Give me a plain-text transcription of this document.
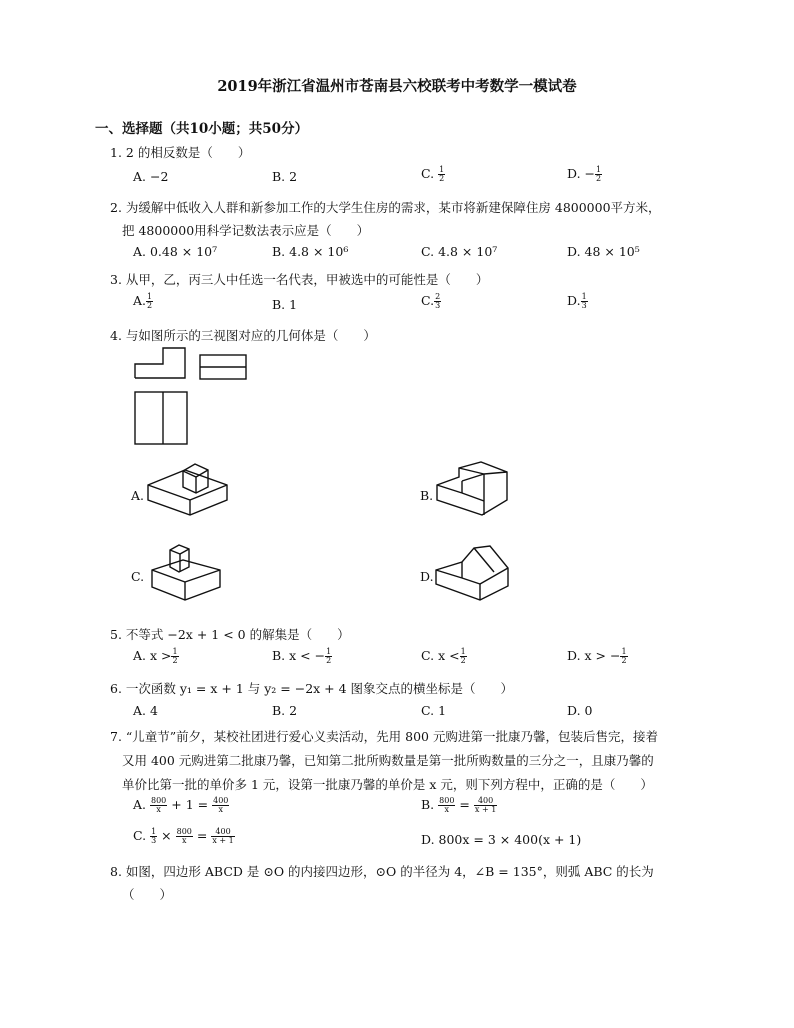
2019年浙江省温州市苍南县六校联考中考数学一模试卷
一、选择题（共10小题；共50分）
1. 2 的相反数是（　　）
A. −2	B. 2	C. $\frac{1}{2}$	D. − $\frac{1}{2}$
2. 为缓解中低收入人群和新参加工作的大学生住房的需求，某市将新建保障住房 4800000平方米，
把 4800000用科学记数法表示应是（　　）
A. 0.48 × 10⁷	B. 4.8 × 10⁶	C. 4.8 × 10⁷	D. 48 × 10⁵
3. 从甲，乙，丙三人中任选一名代表，甲被选中的可能性是（　　）
A. $\frac{1}{2}$	B. 1	C. $\frac{2}{3}$	D. $\frac{1}{3}$
4. 与如图所示的三视图对应的几何体是（　　）
A.	B.
C.	D.
5. 不等式 −2x + 1 < 0 的解集是（　　）
A. $x > \frac{1}{2}$	B. x < − $\frac{1}{2}$	C. $x < \frac{1}{2}$	D. x > − $\frac{1}{2}$
6. 一次函数 y₁ = x + 1 与 y₂ = −2x + 4 图象交点的横坐标是（　　）
A. 4	B. 2	C. 1	D. 0
7. “儿童节”前夕，某校社团进行爱心义卖活动，先用 800 元购进第一批康乃馨，包装后售完，接着
又用 400 元购进第二批康乃馨，已知第二批所购数量是第一批所购数量的三分之一，且康乃馨的
单价比第一批的单价多 1 元，设第一批康乃馨的单价是 x 元，则下列方程中，正确的是（　　）
A. $\frac{800}{x} + 1 = \frac{400}{x}$	B. $\frac{800}{x} = \frac{400}{x + 1}$
C. $\frac{1}{3} \times \frac{800}{x} = \frac{400}{x + 1}$	D. 800x = 3 × 400(x + 1)
8. 如图，四边形 ABCD 是 ⊙O 的内接四边形，⊙O 的半径为 4，∠B = 135°，则弧 ABC 的长为
（　　）
